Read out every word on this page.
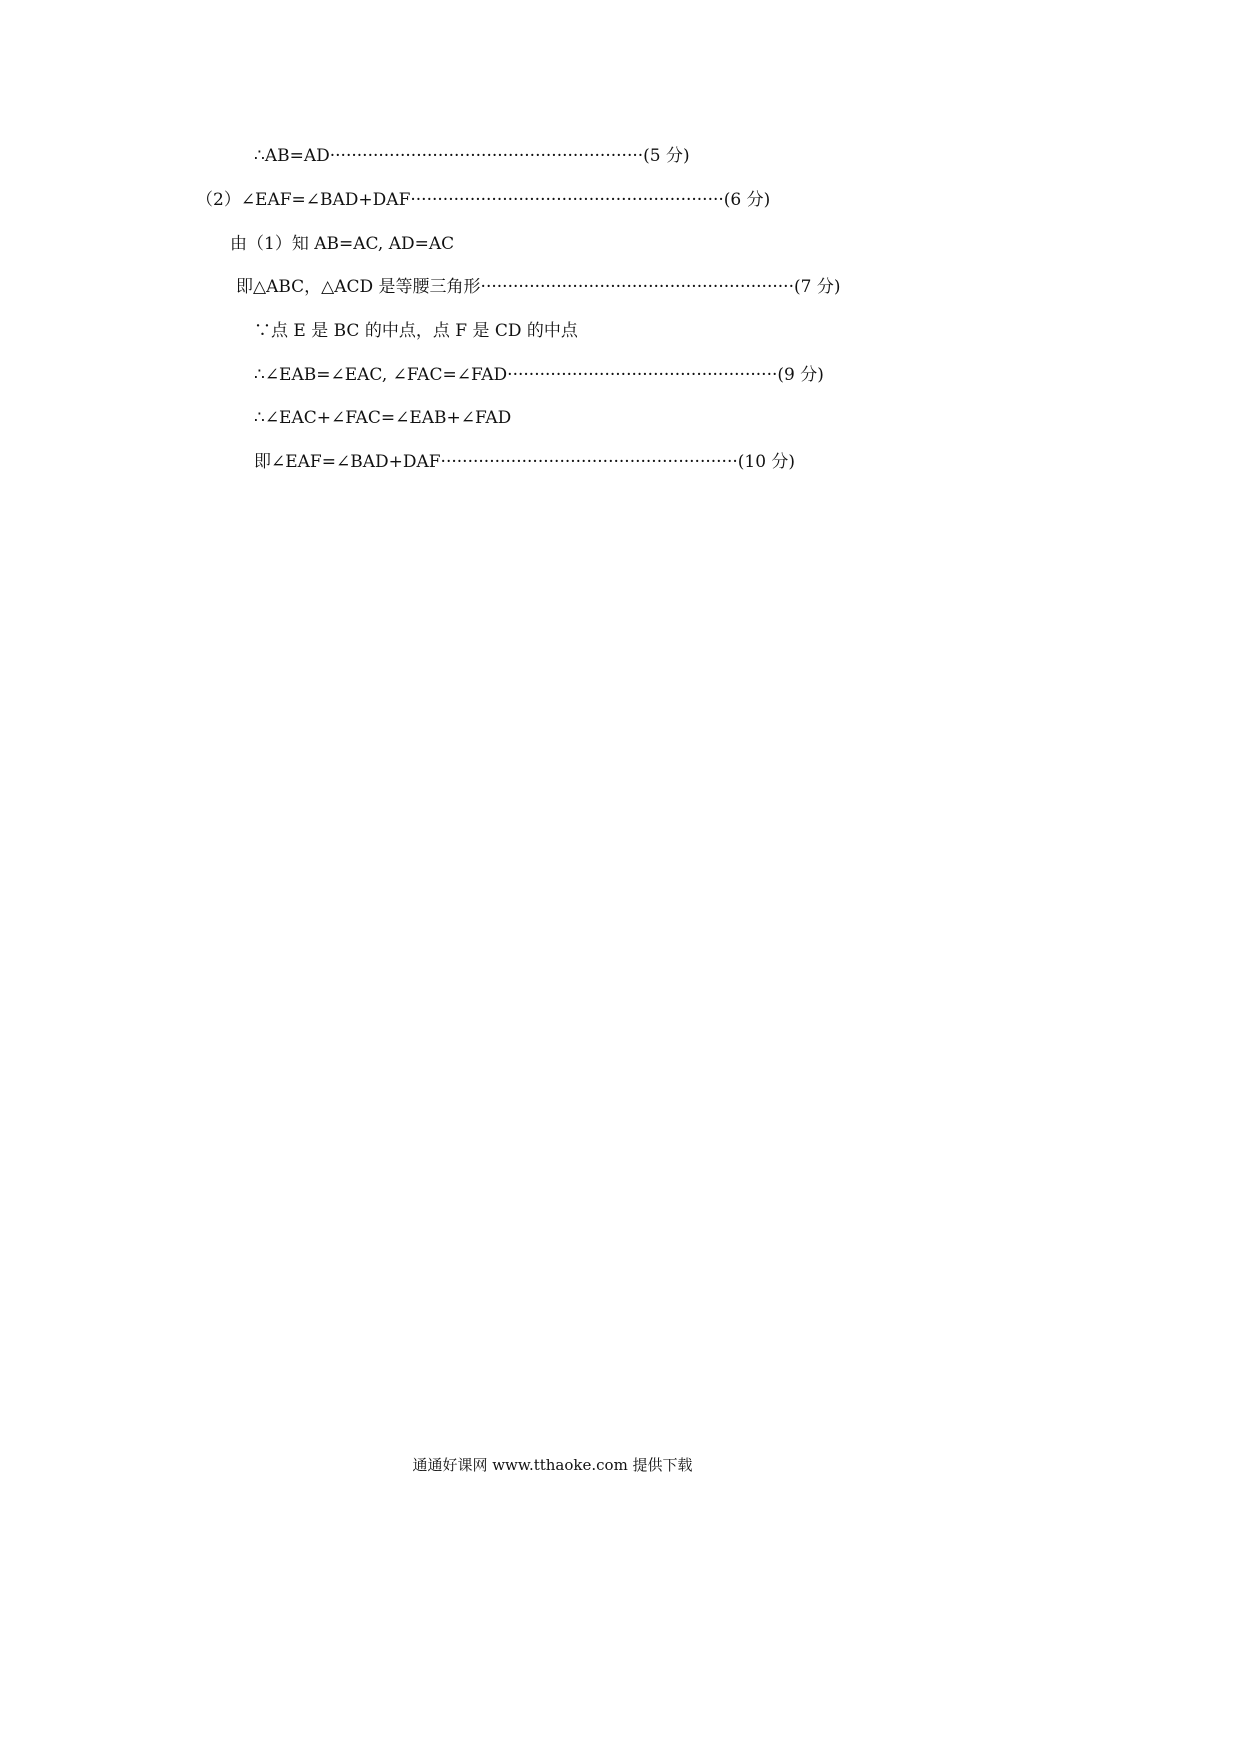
∴AB=AD··························································(5 分)
（2）∠EAF=∠BAD+DAF··························································(6 分)
由（1）知 AB=AC, AD=AC
即△ABC，△ACD 是等腰三角形··························································(7 分)
∵点 E 是 BC 的中点，点 F 是 CD 的中点
∴∠EAB=∠EAC, ∠FAC=∠FAD··················································(9 分)
∴∠EAC+∠FAC=∠EAB+∠FAD
即∠EAF=∠BAD+DAF·······················································(10 分)
通通好课网 www.tthaoke.com 提供下载
